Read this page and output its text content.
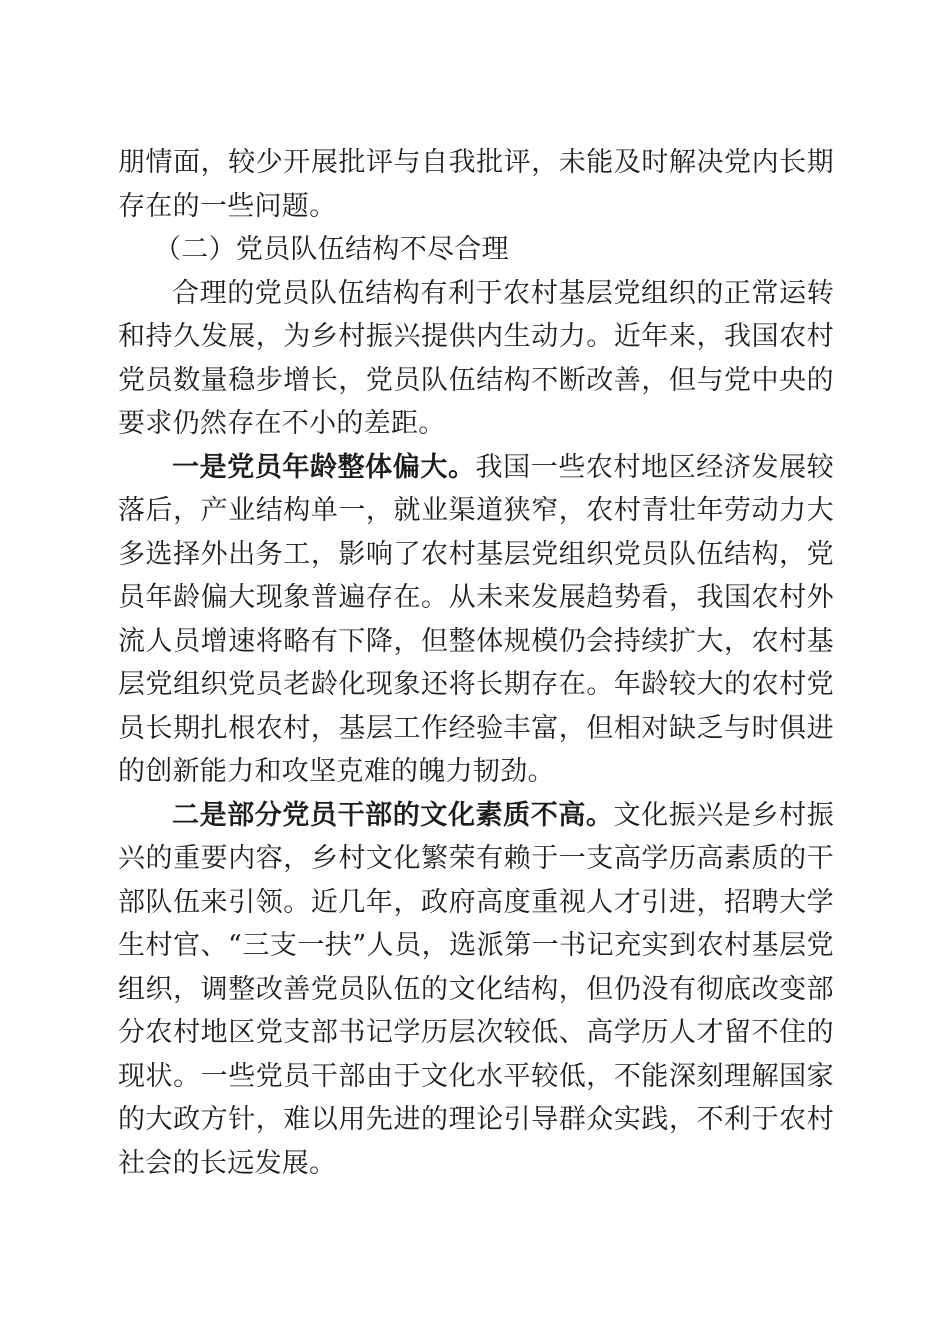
朋情面，较少开展批评与自我批评，未能及时解决党内长期存在的一些问题。

（二）党员队伍结构不尽合理

合理的党员队伍结构有利于农村基层党组织的正常运转和持久发展，为乡村振兴提供内生动力。近年来，我国农村党员数量稳步增长，党员队伍结构不断改善，但与党中央的要求仍然存在不小的差距。

一是党员年龄整体偏大。我国一些农村地区经济发展较落后，产业结构单一，就业渠道狭窄，农村青壮年劳动力大多选择外出务工，影响了农村基层党组织党员队伍结构，党员年龄偏大现象普遍存在。从未来发展趋势看，我国农村外流人员增速将略有下降，但整体规模仍会持续扩大，农村基层党组织党员老龄化现象还将长期存在。年龄较大的农村党员长期扎根农村，基层工作经验丰富，但相对缺乏与时俱进的创新能力和攻坚克难的魄力韧劲。

二是部分党员干部的文化素质不高。文化振兴是乡村振兴的重要内容，乡村文化繁荣有赖于一支高学历高素质的干部队伍来引领。近几年，政府高度重视人才引进，招聘大学生村官、“三支一扶”人员，选派第一书记充实到农村基层党组织，调整改善党员队伍的文化结构，但仍没有彻底改变部分农村地区党支部书记学历层次较低、高学历人才留不住的现状。一些党员干部由于文化水平较低，不能深刻理解国家的大政方针，难以用先进的理论引导群众实践，不利于农村社会的长远发展。
